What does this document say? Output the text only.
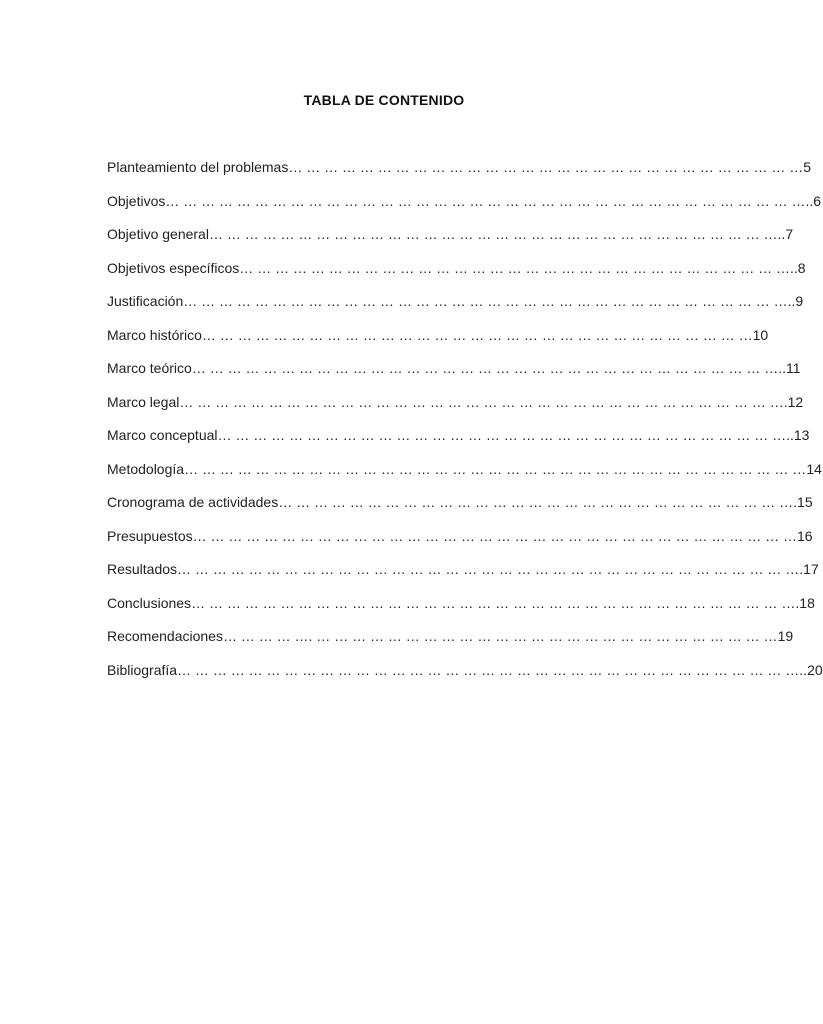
TABLA DE CONTENIDO
Planteamiento del problemas… … … … … … … … … … … … … … … … … … … … … … … … … … … … …5
Objetivos… … … … … … … … … … … … … … … … … … … … … … … … … … … … … … … … … … … …..6
Objetivo general… … … … … … … … … … … … … … … … … … … … … … … … … … … … … … … …..7
Objetivos específicos… … … … … … … … … … … … … … … … … … … … … … … … … … … … … … …..8
Justificación… … … … … … … … … … … … … … … … … … … … … … … … … … … … … … … … … …..9
Marco histórico… … … … … … … … … … … … … … … … … … … … … … … … … … … … … … …10
Marco teórico… … … … … … … … … … … … … … … … … … … … … … … … … … … … … … … … …..11
Marco legal… … … … … … … … … … … … … … … … … … … … … … … … … … … … … … … … … ….12
Marco conceptual… … … … … … … … … … … … … … … … … … … … … … … … … … … … … … … …..13
Metodología… … … … … … … … … … … … … … … … … … … … … … … … … … … … … … … … … … …14
Cronograma de actividades… … … … … … … … … … … … … … … … … … … … … … … … … … … … ….15
Presupuestos… … … … … … … … … … … … … … … … … … … … … … … … … … … … … … … … … …16
Resultados… … … … … … … … … … … … … … … … … … … … … … … … … … … … … … … … … … ….17
Conclusiones… … … … … … … … … … … … … … … … … … … … … … … … … … … … … … … … … ….18
Recomendaciones… … … … …. … … … … … … … … … … … … … … … … … … … … … … … … … …19
Bibliografía… … … … … … … … … … … … … … … … … … … … … … … … … … … … … … … … … … …..20
